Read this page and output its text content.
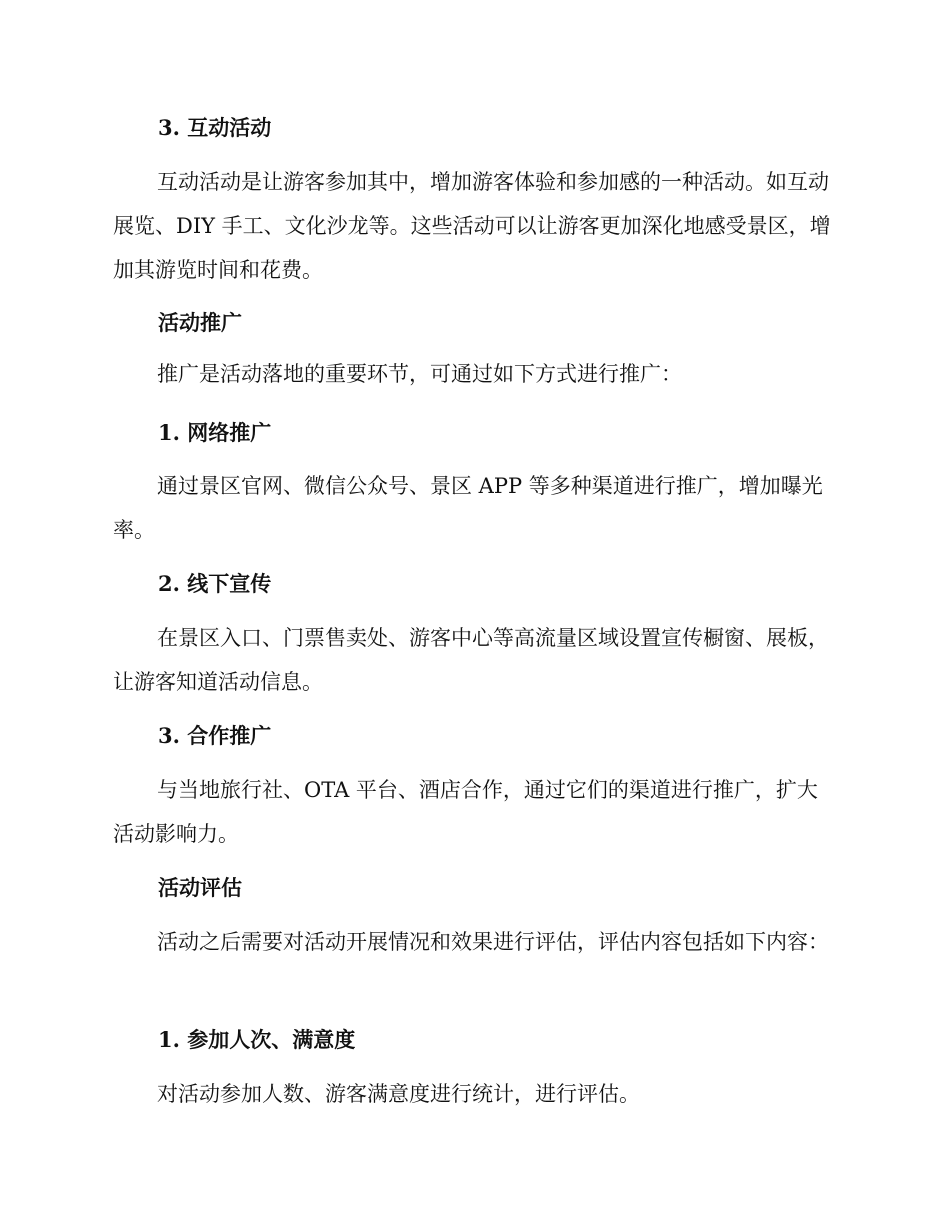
3. 互动活动

互动活动是让游客参加其中，增加游客体验和参加感的一种活动。如互动展览、DIY 手工、文化沙龙等。这些活动可以让游客更加深化地感受景区，增加其游览时间和花费。

活动推广

推广是活动落地的重要环节，可通过如下方式进行推广：

1. 网络推广

通过景区官网、微信公众号、景区 APP 等多种渠道进行推广，增加曝光率。

2. 线下宣传

在景区入口、门票售卖处、游客中心等高流量区域设置宣传橱窗、展板，让游客知道活动信息。

3. 合作推广

与当地旅行社、OTA 平台、酒店合作，通过它们的渠道进行推广，扩大活动影响力。

活动评估

活动之后需要对活动开展情况和效果进行评估，评估内容包括如下内容：

1. 参加人次、满意度

对活动参加人数、游客满意度进行统计，进行评估。
